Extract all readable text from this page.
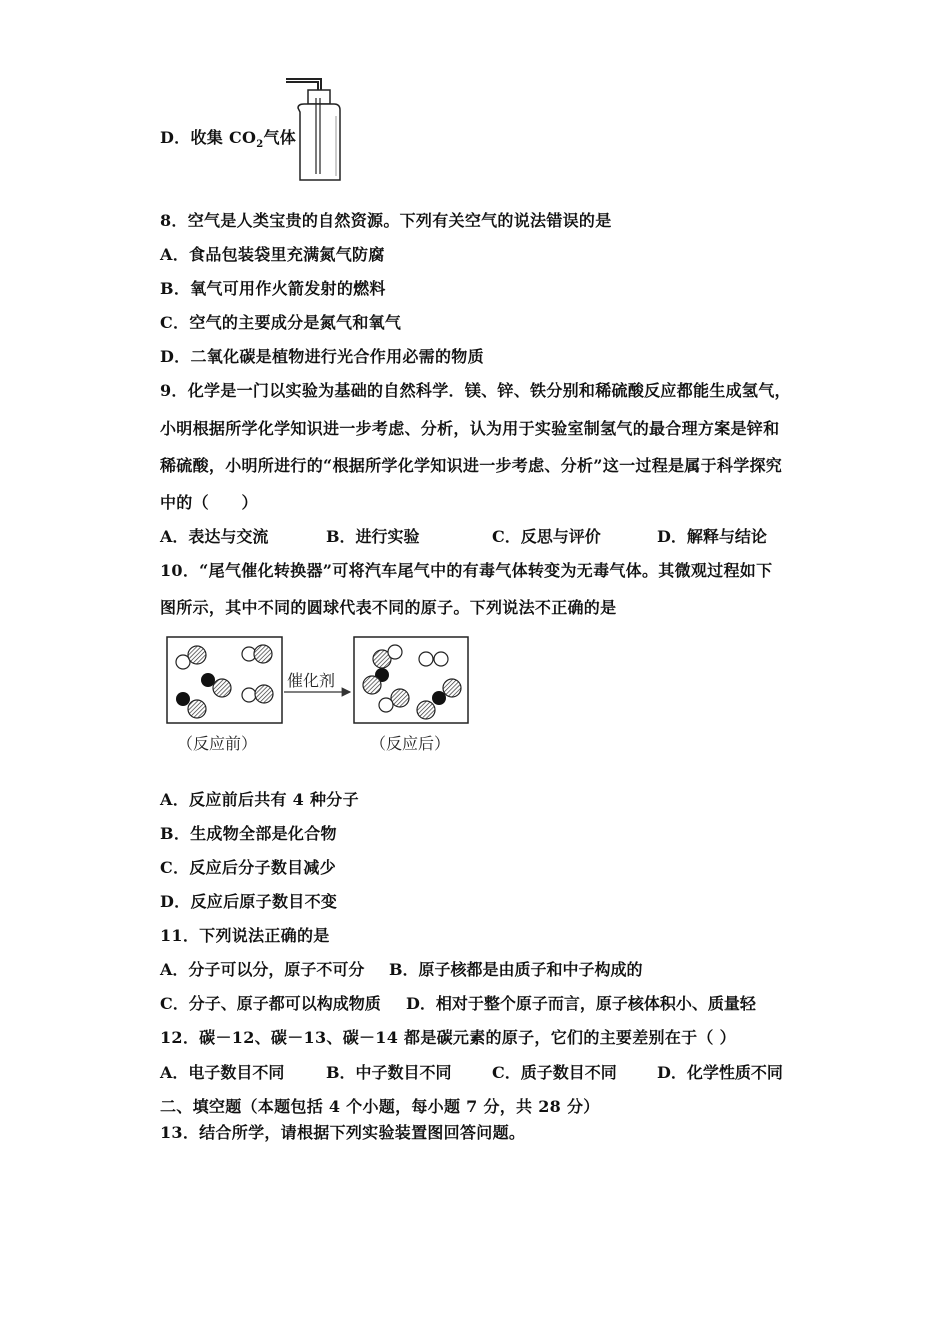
D．收集 $CO_2$气体
8．空气是人类宝贵的自然资源。下列有关空气的说法错误的是
A．食品包装袋里充满氮气防腐
B．氧气可用作火箭发射的燃料
C．空气的主要成分是氮气和氧气
D．二氧化碳是植物进行光合作用必需的物质
9．化学是一门以实验为基础的自然科学．镁、锌、铁分别和稀硫酸反应都能生成氢气，
小明根据所学化学知识进一步考虑、分析，认为用于实验室制氢气的最合理方案是锌和
稀硫酸，小明所进行的“根据所学化学知识进一步考虑、分析”这一过程是属于科学探究
中的（　　）
A．表达与交流	B．进行实验	C．反思与评价	D．解释与结论
10．“尾气催化转换器”可将汽车尾气中的有毒气体转变为无毒气体。其微观过程如下
图所示，其中不同的圆球代表不同的原子。下列说法不正确的是
催化剂
（反应前）	（反应后）
A．反应前后共有 4 种分子
B．生成物全部是化合物
C．反应后分子数目减少
D．反应后原子数目不变
11．下列说法正确的是
A．分子可以分，原子不可分 B．原子核都是由质子和中子构成的
C．分子、原子都可以构成物质 D．相对于整个原子而言，原子核体积小、质量轻
12．碳－12、碳－13、碳－14 都是碳元素的原子，它们的主要差别在于（ ）
A．电子数目不同	B．中子数目不同	C．质子数目不同	D．化学性质不同
二、填空题（本题包括 4 个小题，每小题 7 分，共 28 分）
13．结合所学，请根据下列实验装置图回答问题。
